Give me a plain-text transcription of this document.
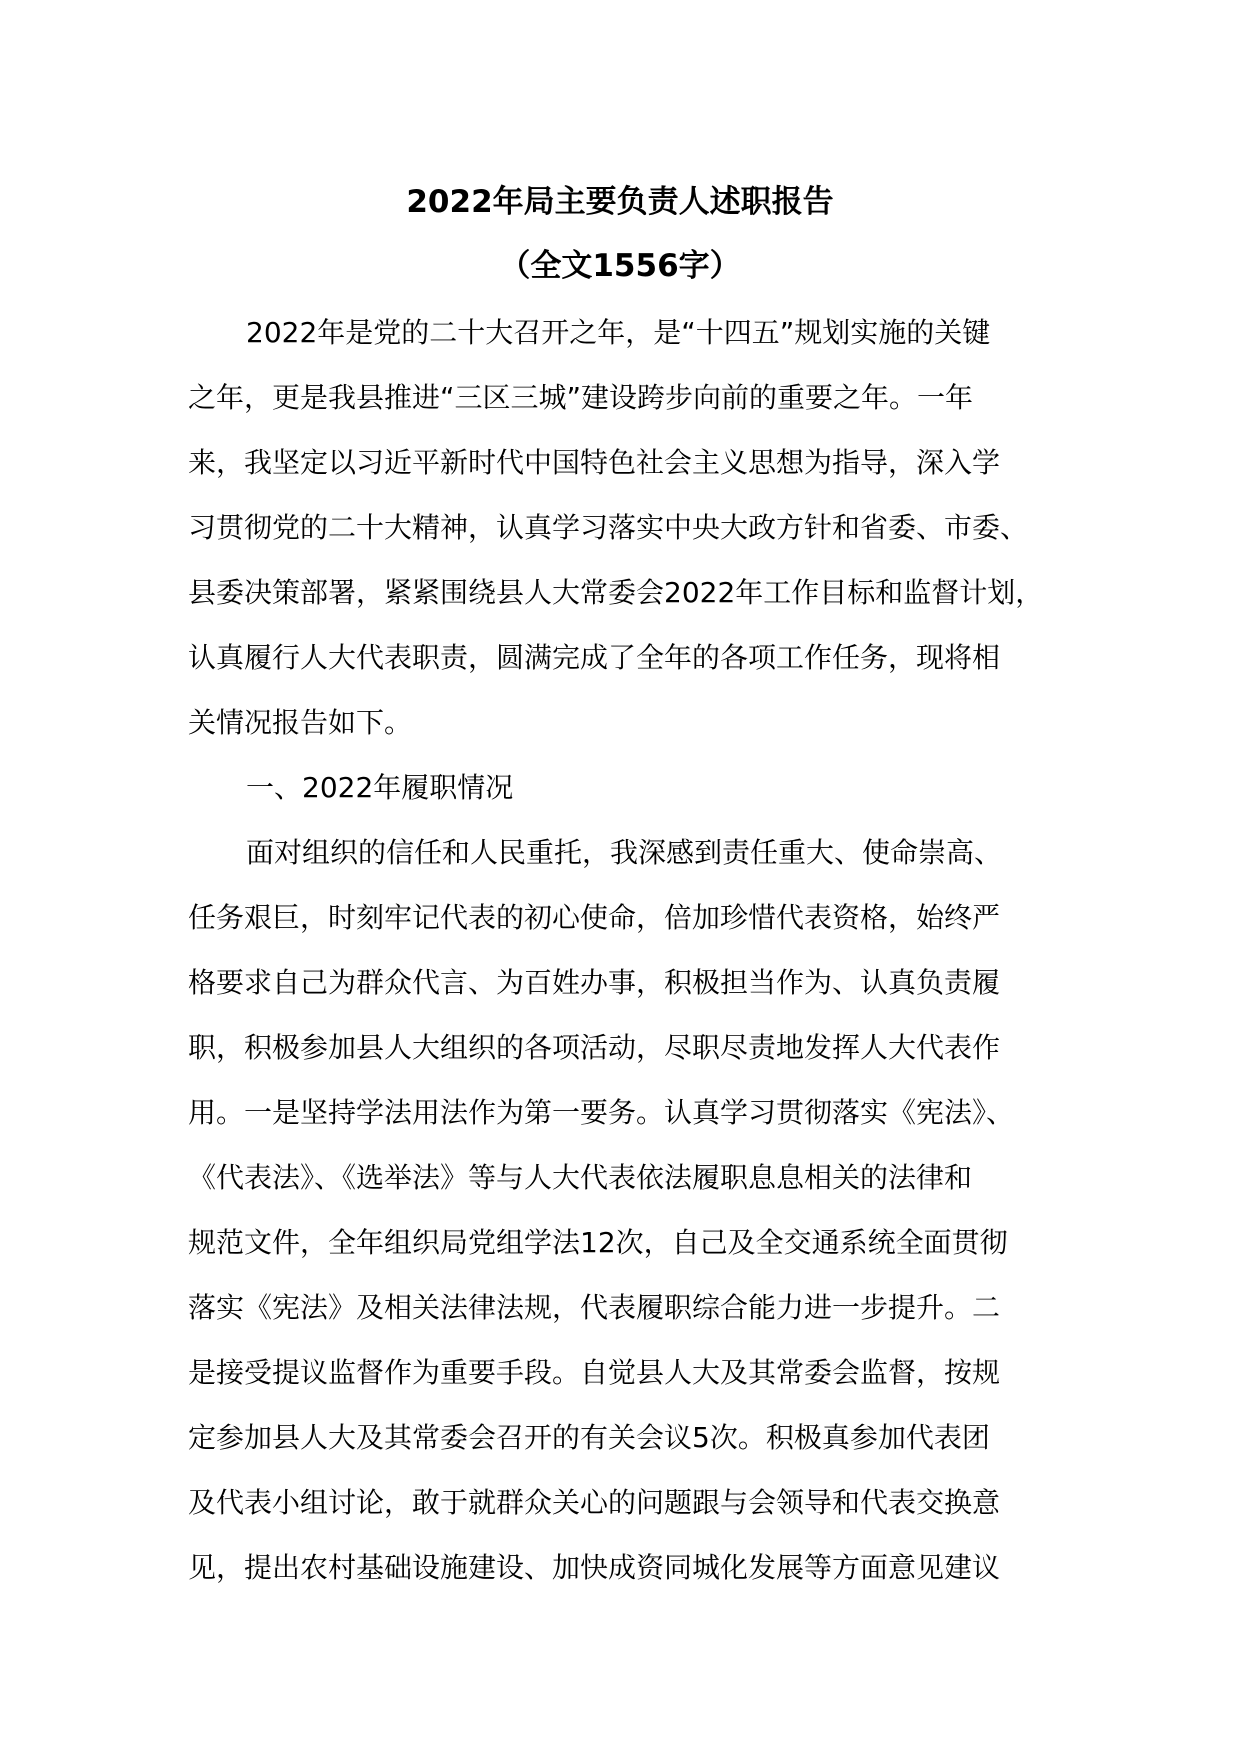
2022年局主要负责人述职报告
（全文1556字）
2022年是党的二十大召开之年，是“十四五”规划实施的关键
之年，更是我县推进“三区三城”建设跨步向前的重要之年。一年
来，我坚定以习近平新时代中国特色社会主义思想为指导，深入学
习贯彻党的二十大精神，认真学习落实中央大政方针和省委、市委、
县委决策部署，紧紧围绕县人大常委会2022年工作目标和监督计划，
认真履行人大代表职责，圆满完成了全年的各项工作任务，现将相
关情况报告如下。
一、2022年履职情况
面对组织的信任和人民重托，我深感到责任重大、使命崇高、
任务艰巨，时刻牢记代表的初心使命，倍加珍惜代表资格，始终严
格要求自己为群众代言、为百姓办事，积极担当作为、认真负责履
职，积极参加县人大组织的各项活动，尽职尽责地发挥人大代表作
用。一是坚持学法用法作为第一要务。认真学习贯彻落实《宪法》、
《代表法》、《选举法》等与人大代表依法履职息息相关的法律和
规范文件，全年组织局党组学法12次，自己及全交通系统全面贯彻
落实《宪法》及相关法律法规，代表履职综合能力进一步提升。二
是接受提议监督作为重要手段。自觉县人大及其常委会监督，按规
定参加县人大及其常委会召开的有关会议5次。积极真参加代表团
及代表小组讨论，敢于就群众关心的问题跟与会领导和代表交换意
见，提出农村基础设施建设、加快成资同城化发展等方面意见建议
